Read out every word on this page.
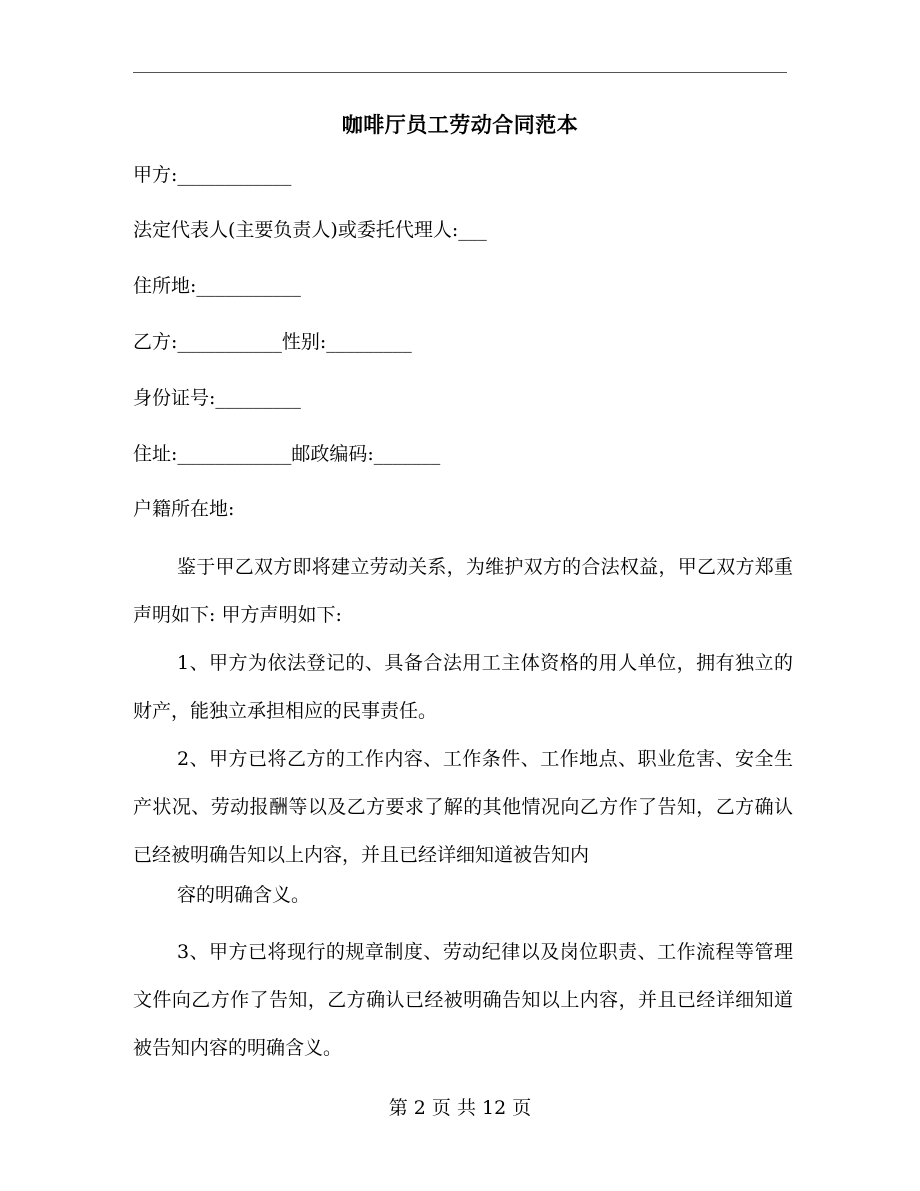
咖啡厅员工劳动合同范本
甲方:____________
法定代表人(主要负责人)或委托代理人:___
住所地:___________
乙方:___________性别:_________
身份证号:_________
住址:____________邮政编码:_______
户籍所在地:
鉴于甲乙双方即将建立劳动关系，为维护双方的合法权益，甲乙双方郑重声明如下: 甲方声明如下:
1、甲方为依法登记的、具备合法用工主体资格的用人单位，拥有独立的财产，能独立承担相应的民事责任。
2、甲方已将乙方的工作内容、工作条件、工作地点、职业危害、安全生产状况、劳动报酬等以及乙方要求了解的其他情况向乙方作了告知，乙方确认已经被明确告知以上内容，并且已经详细知道被告知内
容的明确含义。
3、甲方已将现行的规章制度、劳动纪律以及岗位职责、工作流程等管理文件向乙方作了告知，乙方确认已经被明确告知以上内容，并且已经详细知道被告知内容的明确含义。
第 2 页 共 12 页
